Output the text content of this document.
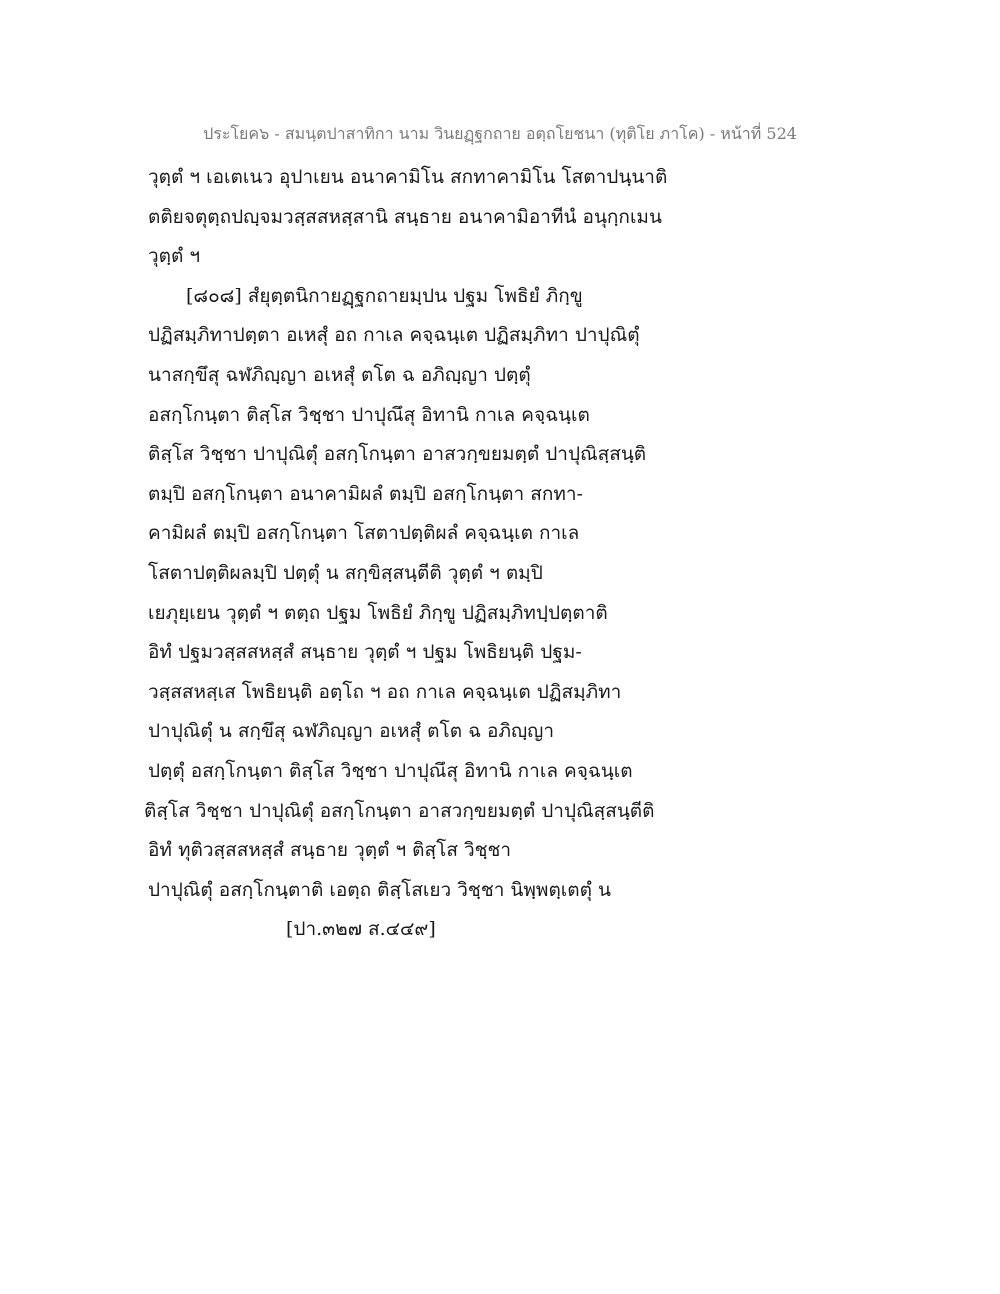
ประโยค๖ - สมนฺตปาสาทิกา นาม วินยฏฺฐกถาย อตฺถโยชนา (ทุติโย ภาโค) - หน้าที่ 524
วุตฺตํ ฯ เอเตเนว อุปาเยน อนาคามิโน สกทาคามิโน โสตาปนฺนาติ
ตติยจตุตฺถปญฺจมวสฺสสหสฺสานิ สนฺธาย อนาคามิอาทีนํ อนุกฺกเมน
วุตฺตํ ฯ
[๘๐๘] สํยุตฺตนิกายฏฺฐกถายมฺปน ปฐม โพธิยํ ภิกฺขู
ปฏิสมฺภิทาปตฺตา อเหสุํ อถ กาเล คจฺฉนฺเต ปฏิสมฺภิทา ปาปุณิตุํ
นาสกฺขึสุ ฉฬภิญฺญา อเหสุํ ตโต ฉ อภิญฺญา ปตฺตุํ
อสกฺโกนฺตา ติสฺโส วิชฺชา ปาปุณึสุ อิทานิ กาเล คจฺฉนฺเต
ติสฺโส วิชฺชา ปาปุณิตุํ อสกฺโกนฺตา อาสวกฺขยมตฺตํ ปาปุณิสฺสนฺติ
ตมฺปิ อสกฺโกนฺตา อนาคามิผลํ ตมฺปิ อสกฺโกนฺตา สกทา-
คามิผลํ ตมฺปิ อสกฺโกนฺตา โสตาปตฺติผลํ คจฺฉนฺเต กาเล
โสตาปตฺติผลมฺปิ ปตฺตุํ น สกฺขิสฺสนฺตีติ วุตฺตํ ฯ ตมฺปิ
เยภุยฺเยน วุตฺตํ ฯ ตตฺถ ปฐม โพธิยํ ภิกฺขู ปฏิสมฺภิทปฺปตฺตาติ
อิทํ ปฐมวสฺสสหสฺสํ สนฺธาย วุตฺตํ ฯ ปฐม โพธิยนฺติ ปฐม-
วสฺสสหสฺเส โพธิยนฺติ อตฺโถ ฯ อถ กาเล คจฺฉนฺเต ปฏิสมฺภิทา
ปาปุณิตุํ น สกฺขึสุ ฉฬภิญฺญา อเหสุํ ตโต ฉ อภิญฺญา
ปตฺตุํ อสกฺโกนฺตา ติสฺโส วิชฺชา ปาปุณึสุ อิทานิ กาเล คจฺฉนฺเต
ติสฺโส วิชฺชา ปาปุณิตุํ อสกฺโกนฺตา อาสวกฺขยมตฺตํ ปาปุณิสฺสนฺตีติ
อิทํ ทุติวสฺสสหสฺสํ สนฺธาย วุตฺตํ ฯ ติสฺโส วิชฺชา
ปาปุณิตุํ อสกฺโกนฺตาติ เอตฺถ ติสฺโสเยว วิชฺชา นิพฺพตฺเตตุํ น
[ปา.๓๒๗ ส.๔๔๙]
